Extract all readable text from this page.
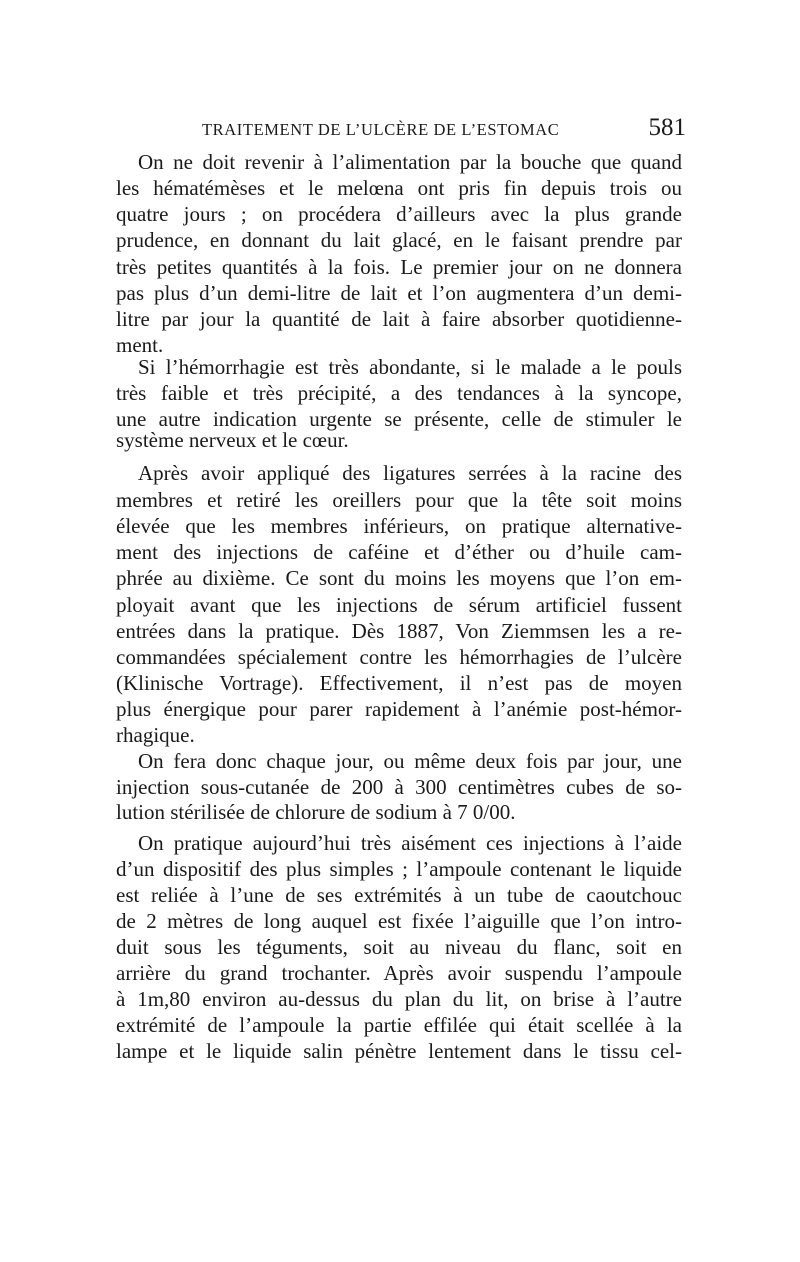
TRAITEMENT DE L’ULCÈRE DE L’ESTOMAC	581
On ne doit revenir à l’alimentation par la bouche que quand
les hématémèses et le melœna ont pris fin depuis trois ou
quatre jours ; on procédera d’ailleurs avec la plus grande
prudence, en donnant du lait glacé, en le faisant prendre par
très petites quantités à la fois. Le premier jour on ne donnera
pas plus d’un demi-litre de lait et l’on augmentera d’un demi-
litre par jour la quantité de lait à faire absorber quotidienne-
ment.
Si l’hémorrhagie est très abondante, si le malade a le pouls
très faible et très précipité, a des tendances à la syncope,
une autre indication urgente se présente, celle de stimuler le
système nerveux et le cœur.
Après avoir appliqué des ligatures serrées à la racine des
membres et retiré les oreillers pour que la tête soit moins
élevée que les membres inférieurs, on pratique alternative-
ment des injections de caféine et d’éther ou d’huile cam-
phrée au dixième. Ce sont du moins les moyens que l’on em-
ployait avant que les injections de sérum artificiel fussent
entrées dans la pratique. Dès 1887, Von Ziemmsen les a re-
commandées spécialement contre les hémorrhagies de l’ulcère
(Klinische Vortrage). Effectivement, il n’est pas de moyen
plus énergique pour parer rapidement à l’anémie post-hémor-
rhagique.
On fera donc chaque jour, ou même deux fois par jour, une
injection sous-cutanée de 200 à 300 centimètres cubes de so-
lution stérilisée de chlorure de sodium à 7 0/00.
On pratique aujourd’hui très aisément ces injections à l’aide
d’un dispositif des plus simples ; l’ampoule contenant le liquide
est reliée à l’une de ses extrémités à un tube de caoutchouc
de 2 mètres de long auquel est fixée l’aiguille que l’on intro-
duit sous les téguments, soit au niveau du flanc, soit en
arrière du grand trochanter. Après avoir suspendu l’ampoule
à 1m,80 environ au-dessus du plan du lit, on brise à l’autre
extrémité de l’ampoule la partie effilée qui était scellée à la
lampe et le liquide salin pénètre lentement dans le tissu cel-
